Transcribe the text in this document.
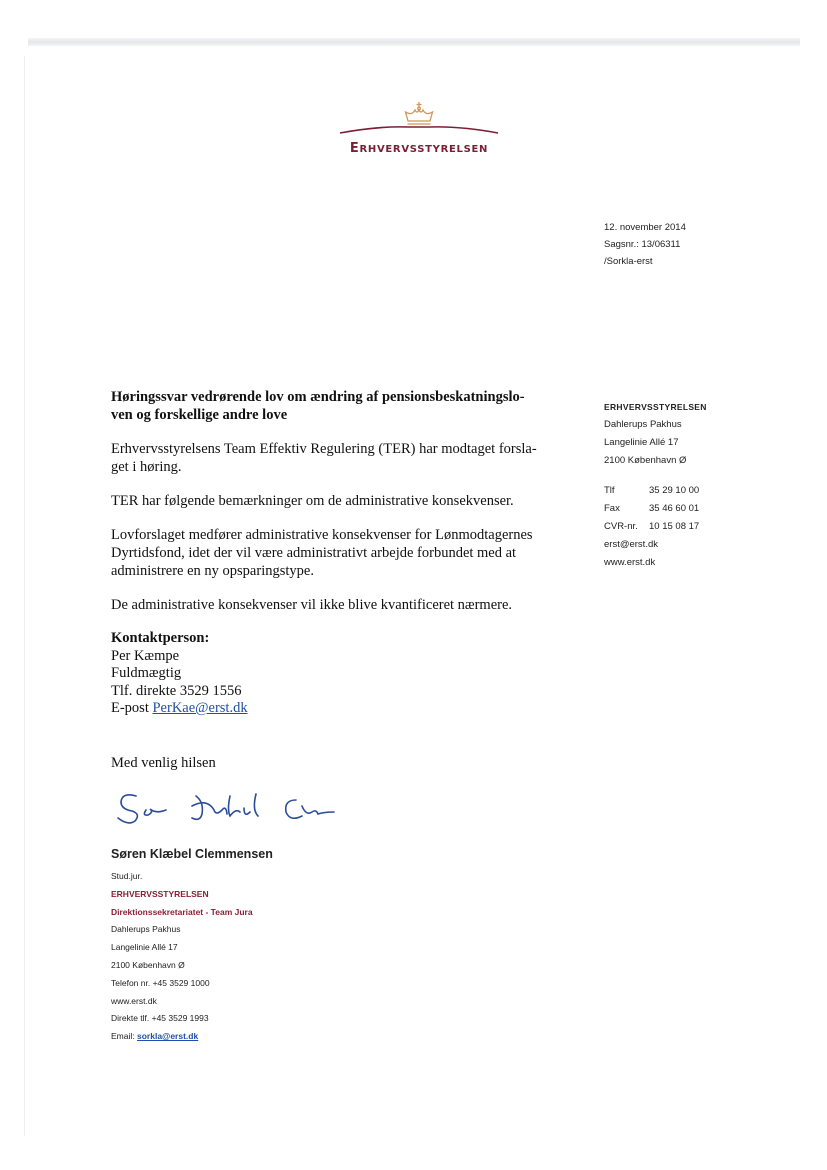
ERHVERVSSTYRELSEN
12. november 2014
Sagsnr.: 13/06311
/Sorkla-erst
ERHVERVSSTYRELSEN
Dahlerups Pakhus
Langelinie Allé 17
2100 København Ø
Tlf	35 29 10 00
Fax	35 46 60 01
CVR-nr. 10 15 08 17
erst@erst.dk
www.erst.dk

Høringssvar vedrørende lov om ændring af pensionsbeskatningslo-
ven og forskellige andre love

Erhvervsstyrelsens Team Effektiv Regulering (TER) har modtaget forsla-
get i høring.

TER har følgende bemærkninger om de administrative konsekvenser.

Lovforslaget medfører administrative konsekvenser for Lønmodtagernes
Dyrtidsfond, idet der vil være administrativt arbejde forbundet med at
administrere en ny opsparingstype.

De administrative konsekvenser vil ikke blive kvantificeret nærmere.

Kontaktperson:
Per Kæmpe
Fuldmægtig
Tlf. direkte 3529 1556
E-post PerKae@erst.dk
Med venlig hilsen
Søren Klæbel Clemmensen
Stud.jur.
ERHVERVSSTYRELSEN
Direktionssekretariatet - Team Jura
Dahlerups Pakhus
Langelinie Allé 17
2100 København Ø
Telefon nr. +45 3529 1000
www.erst.dk
Direkte tlf. +45 3529 1993
Email: sorkla@erst.dk
